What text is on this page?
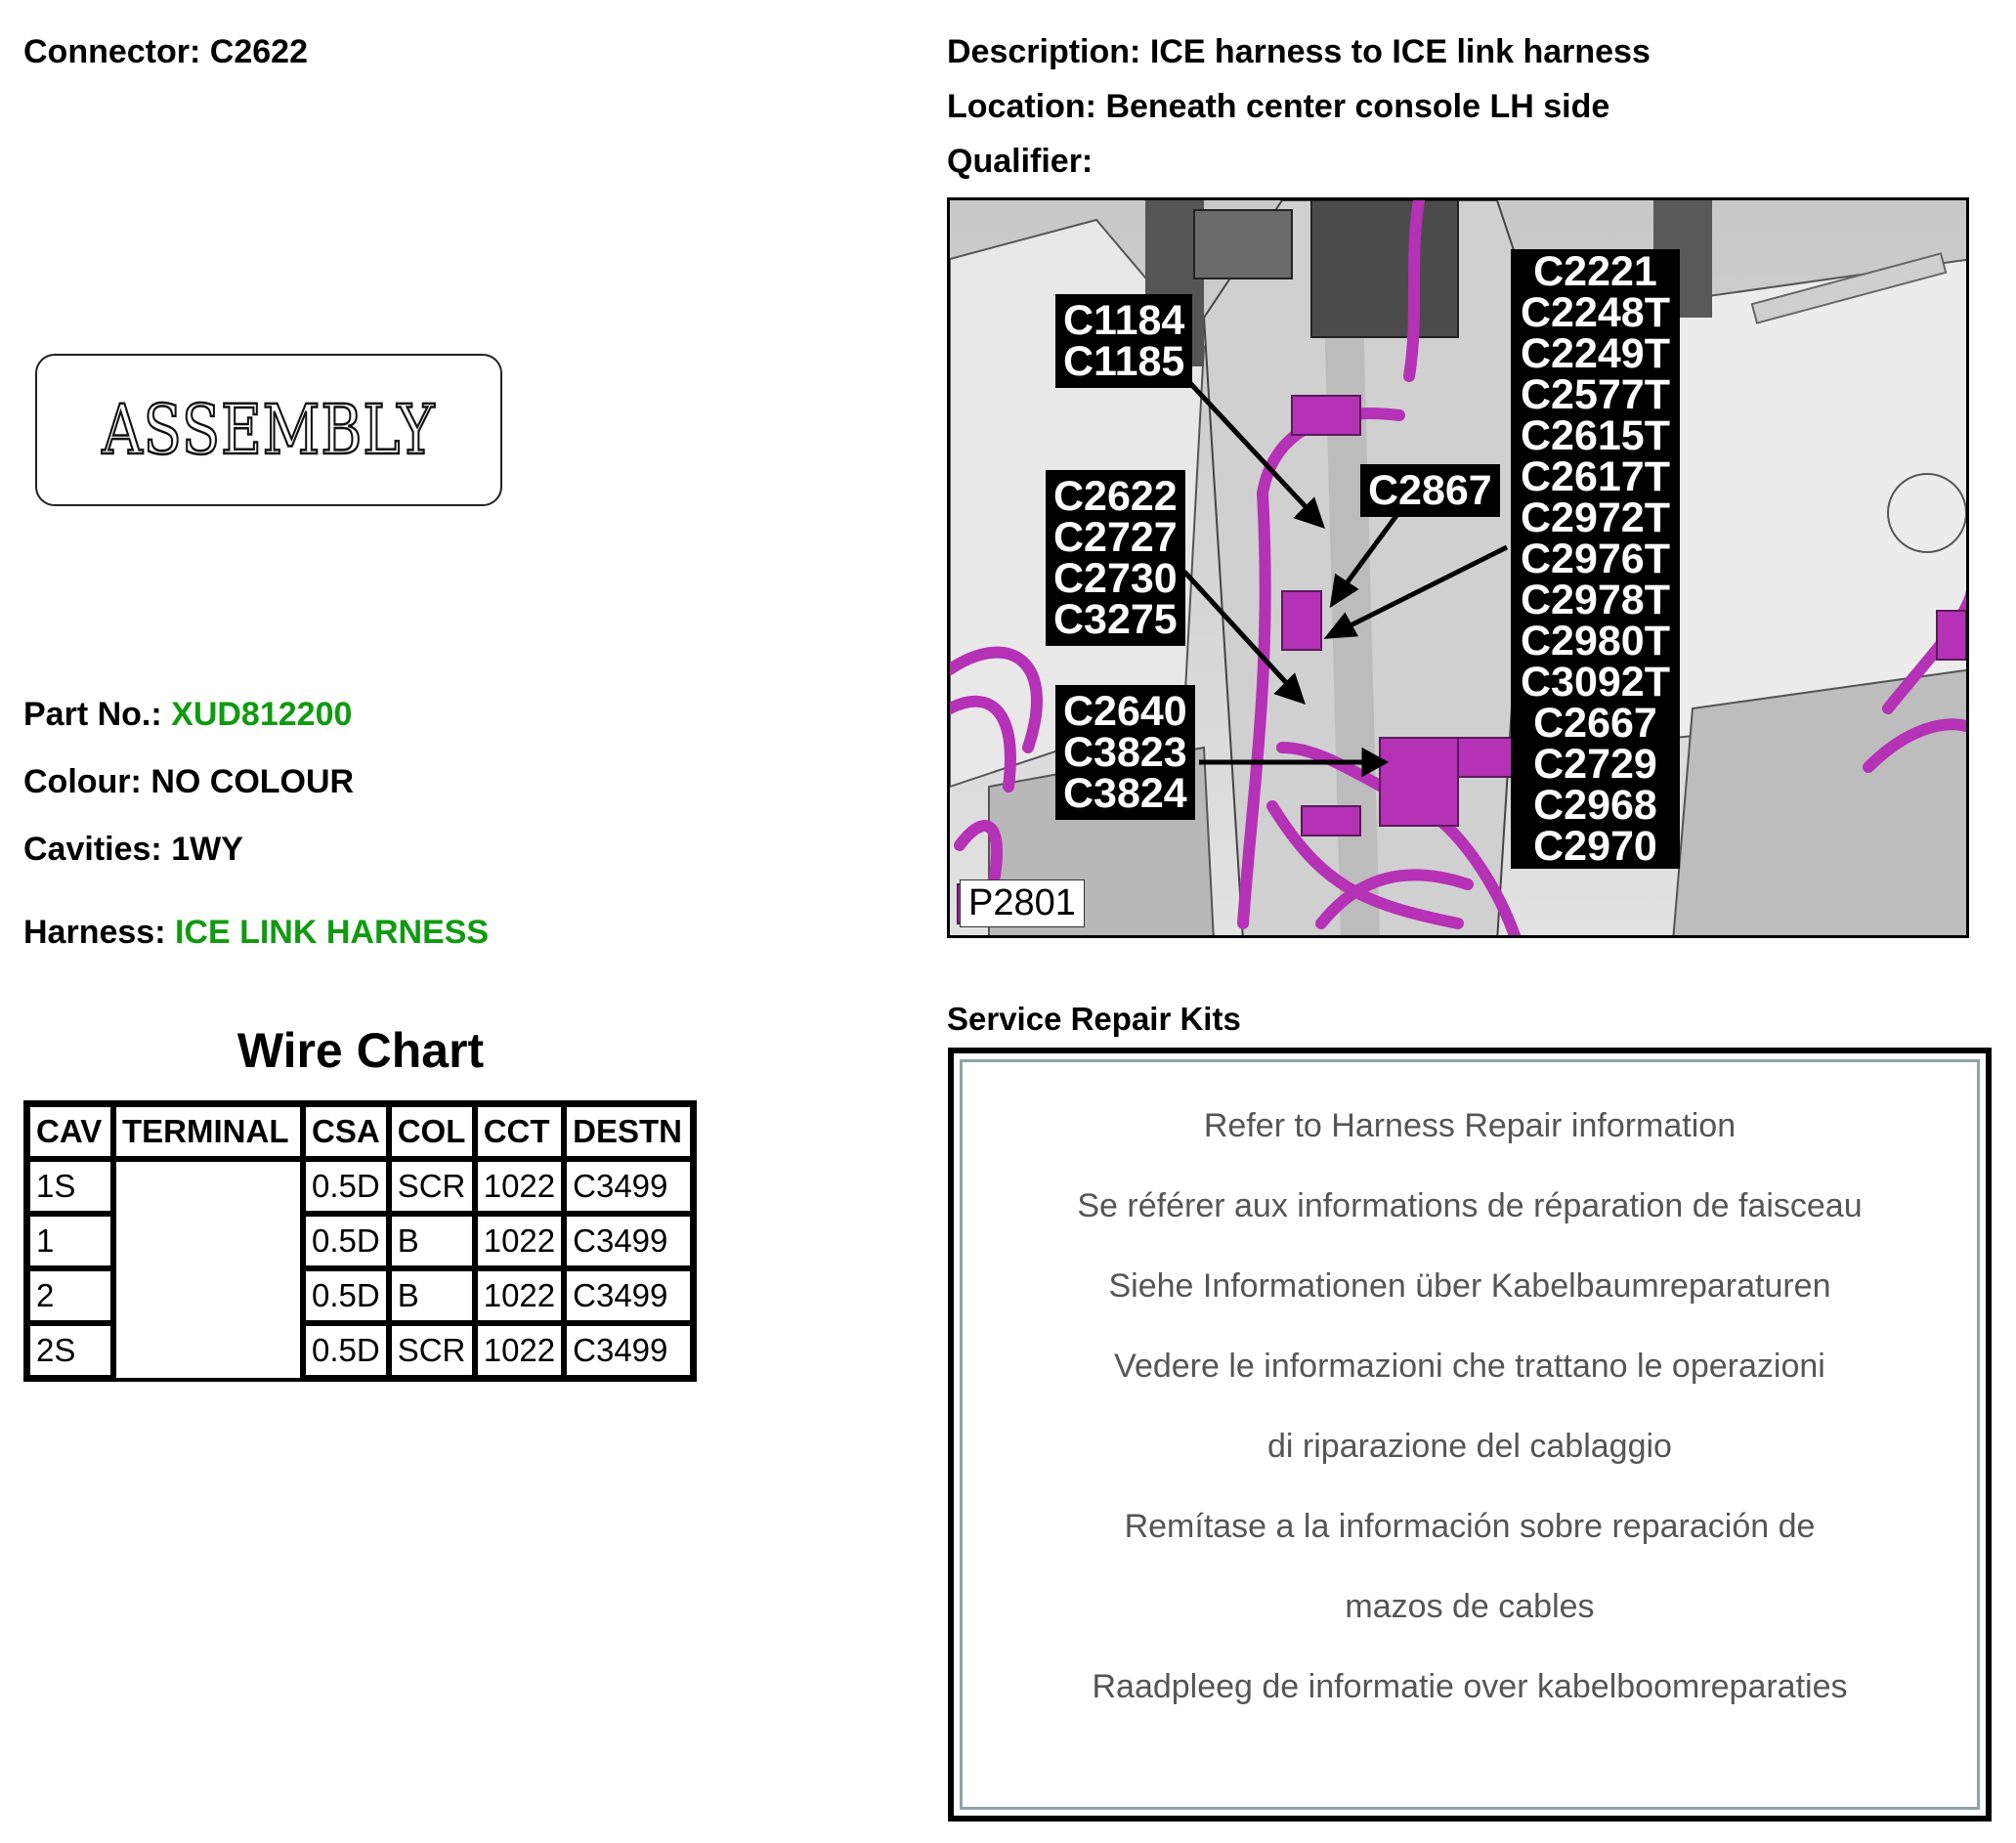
Connector: C2622
ASSEMBLY
Part No.: XUD812200
Colour: NO COLOUR
Cavities: 1WY
Harness: ICE LINK HARNESS
Wire Chart
CAV	TERMINAL	CSA	COL	CCT	DESTN
1S		0.5D	SCR	1022	C3499
1		0.5D	B	1022	C3499
2		0.5D	B	1022	C3499
2S		0.5D	SCR	1022	C3499
Description: ICE harness to ICE link harness
Location: Beneath center console LH side
Qualifier:
C1184
C1185
C2622
C2727
C2730
C3275
C2867
C2640
C3823
C3824
C2221
C2248T
C2249T
C2577T
C2615T
C2617T
C2972T
C2976T
C2978T
C2980T
C3092T
C2667
C2729
C2968
C2970
P2801
Service Repair Kits
Refer to Harness Repair information
Se référer aux informations de réparation de faisceau
Siehe Informationen über Kabelbaumreparaturen
Vedere le informazioni che trattano le operazioni
di riparazione del cablaggio
Remítase a la información sobre reparación de
mazos de cables
Raadpleeg de informatie over kabelboomreparaties
